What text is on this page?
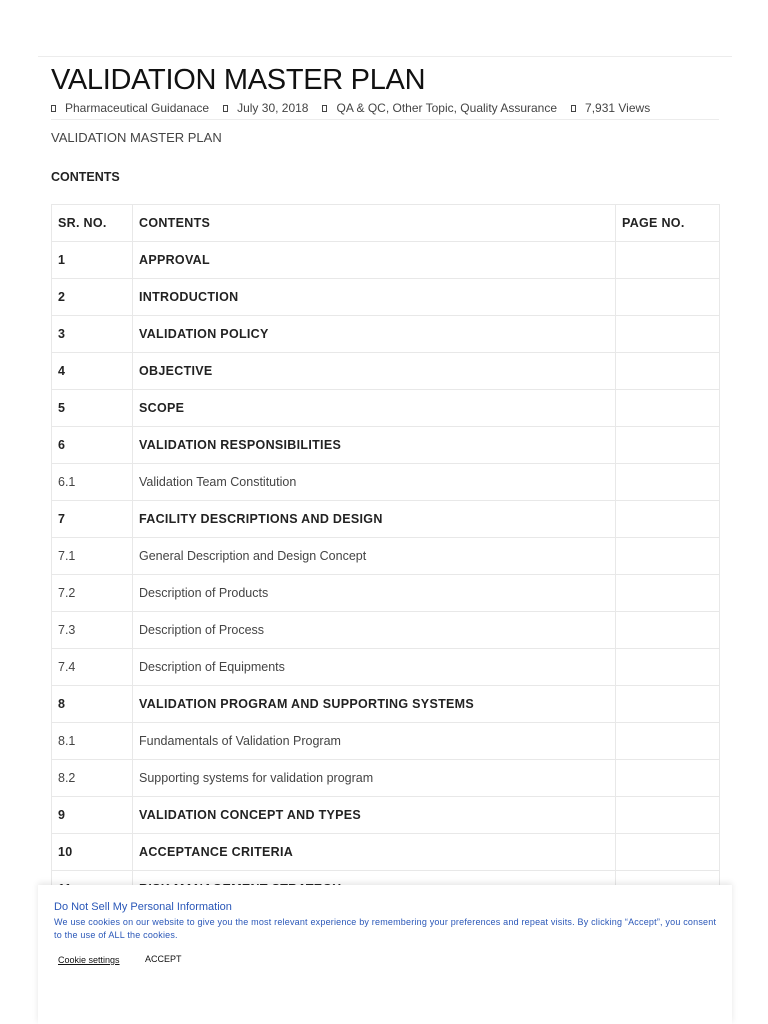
VALIDATION MASTER PLAN
Pharmaceutical Guidanace July 30, 2018 QA & QC, Other Topic, Quality Assurance 7,931 Views
VALIDATION MASTER PLAN
CONTENTS
SR. NO.	CONTENTS	PAGE NO.
1	APPROVAL	
2	INTRODUCTION	
3	VALIDATION POLICY	
4	OBJECTIVE	
5	SCOPE	
6	VALIDATION RESPONSIBILITIES	
6.1	Validation Team Constitution	
7	FACILITY DESCRIPTIONS AND DESIGN	
7.1	General Description and Design Concept	
7.2	Description of Products	
7.3	Description of Process	
7.4	Description of Equipments	
8	VALIDATION PROGRAM AND SUPPORTING SYSTEMS	
8.1	Fundamentals of Validation Program	
8.2	Supporting systems for validation program	
9	VALIDATION CONCEPT AND TYPES	
10	ACCEPTANCE CRITERIA	

Do Not Sell My Personal Information
We use cookies on our website to give you the most relevant experience by remembering your preferences and repeat visits. By clicking “Accept”, you consent to the use of ALL the cookies.
Cookie settings	ACCEPT
